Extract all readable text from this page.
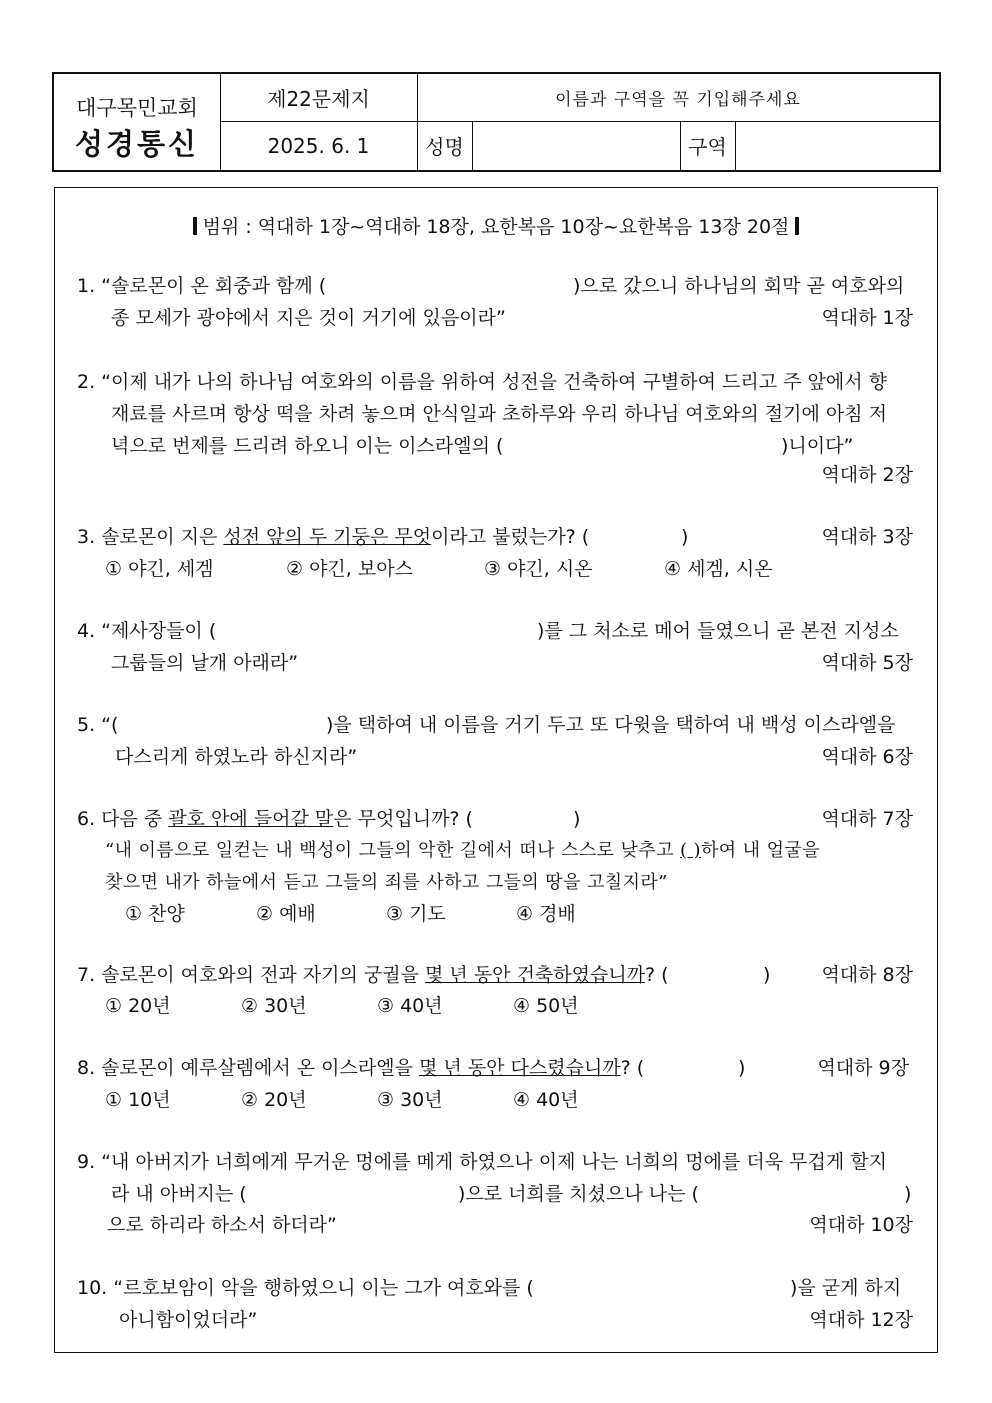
대구목민교회
성경통신
제22문제지	이름과 구역을 꼭 기입해주세요
2025. 6. 1	성명	구역
범위 : 역대하 1장~역대하 18장, 요한복음 10장~요한복음 13장 20절
1. “솔로몬이 온 회중과 함께 (	)으로 갔으니 하나님의 회막 곧 여호와의
종 모세가 광야에서 지은 것이 거기에 있음이라”	역대하 1장
2. “이제 내가 나의 하나님 여호와의 이름을 위하여 성전을 건축하여 구별하여 드리고 주 앞에서 향
재료를 사르며 항상 떡을 차려 놓으며 안식일과 초하루와 우리 하나님 여호와의 절기에 아침 저
녁으로 번제를 드리려 하오니 이는 이스라엘의 (	)니이다”
역대하 2장
3. 솔로몬이 지은 성전 앞의 두 기둥은 무엇이라고 불렀는가? (	)	역대하 3장
① 야긴, 세겜	② 야긴, 보아스	③ 야긴, 시온	④ 세겜, 시온
4. “제사장들이 (	)를 그 처소로 메어 들였으니 곧 본전 지성소
그룹들의 날개 아래라”	역대하 5장
5. “(	)을 택하여 내 이름을 거기 두고 또 다윗을 택하여 내 백성 이스라엘을
다스리게 하였노라 하신지라”	역대하 6장
6. 다음 중 괄호 안에 들어갈 말은 무엇입니까? (	)	역대하 7장
“내 이름으로 일컫는 내 백성이 그들의 악한 길에서 떠나 스스로 낮추고 ( )하여 내 얼굴을
찾으면 내가 하늘에서 듣고 그들의 죄를 사하고 그들의 땅을 고칠지라”
① 찬양	② 예배	③ 기도	④ 경배
7. 솔로몬이 여호와의 전과 자기의 궁궐을 몇 년 동안 건축하였습니까? (	)	역대하 8장
① 20년	② 30년	③ 40년	④ 50년
8. 솔로몬이 예루살렘에서 온 이스라엘을 몇 년 동안 다스렸습니까? (	)	역대하 9장
① 10년	② 20년	③ 30년	④ 40년
9. “내 아버지가 너희에게 무거운 멍에를 메게 하였으나 이제 나는 너희의 멍에를 더욱 무겁게 할지
라 내 아버지는 (	)으로 너희를 치셨으나 나는 (	)
으로 하리라 하소서 하더라”	역대하 10장
10. “르호보암이 악을 행하였으니 이는 그가 여호와를 (	)을 굳게 하지
아니함이었더라”	역대하 12장
